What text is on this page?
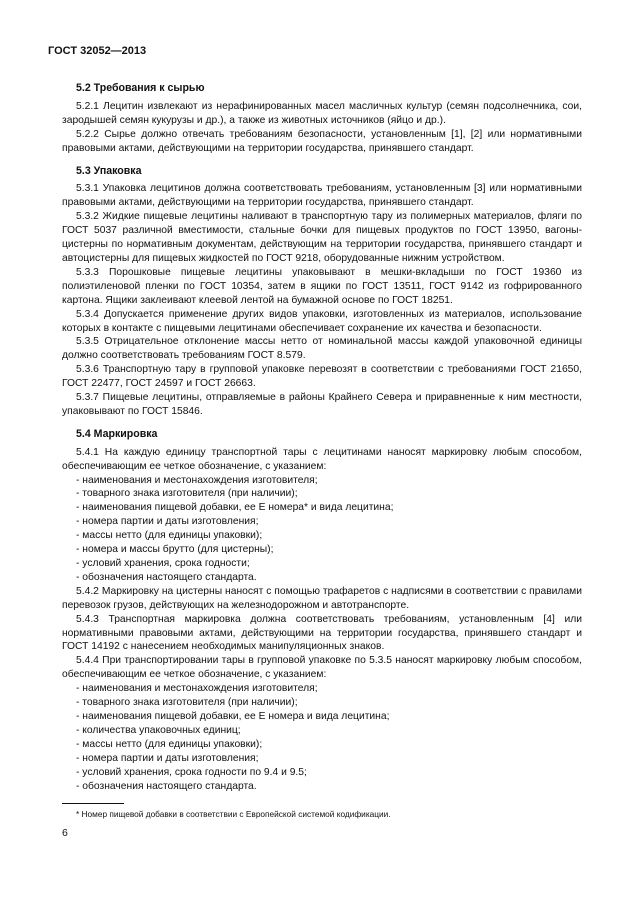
ГОСТ 32052—2013
5.2 Требования к сырью

5.2.1 Лецитин извлекают из нерафинированных масел масличных культур (семян подсолнечника, сои, зародышей семян кукурузы и др.), а также из животных источников (яйцо и др.).

5.2.2 Сырье должно отвечать требованиям безопасности, установленным [1], [2] или нормативными правовыми актами, действующими на территории государства, принявшего стандарт.

5.3 Упаковка

5.3.1 Упаковка лецитинов должна соответствовать требованиям, установленным [3] или нормативными правовыми актами, действующими на территории государства, принявшего стандарт.

5.3.2 Жидкие пищевые лецитины наливают в транспортную тару из полимерных материалов, фляги по ГОСТ 5037 различной вместимости, стальные бочки для пищевых продуктов по ГОСТ 13950, вагоны-цистерны по нормативным документам, действующим на территории государства, принявшего стандарт и автоцистерны для пищевых жидкостей по ГОСТ 9218, оборудованные нижним устройством.

5.3.3 Порошковые пищевые лецитины упаковывают в мешки-вкладыши по ГОСТ 19360 из полиэтиленовой пленки по ГОСТ 10354, затем в ящики по ГОСТ 13511, ГОСТ 9142 из гофрированного картона. Ящики заклеивают клеевой лентой на бумажной основе по ГОСТ 18251.

5.3.4 Допускается применение других видов упаковки, изготовленных из материалов, использование которых в контакте с пищевыми лецитинами обеспечивает сохранение их качества и безопасности.

5.3.5 Отрицательное отклонение массы нетто от номинальной массы каждой упаковочной единицы должно соответствовать требованиям ГОСТ 8.579.

5.3.6 Транспортную тару в групповой упаковке перевозят в соответствии с требованиями ГОСТ 21650, ГОСТ 22477, ГОСТ 24597 и ГОСТ 26663.

5.3.7 Пищевые лецитины, отправляемые в районы Крайнего Севера и приравненные к ним местности, упаковывают по ГОСТ 15846.

5.4 Маркировка

5.4.1 На каждую единицу транспортной тары с лецитинами наносят маркировку любым способом, обеспечивающим ее четкое обозначение, с указанием:

- наименования и местонахождения изготовителя;
- товарного знака изготовителя (при наличии);
- наименования пищевой добавки, ее Е номера* и вида лецитина;
- номера партии и даты изготовления;
- массы нетто (для единицы упаковки);
- номера и массы брутто (для цистерны);
- условий хранения, срока годности;
- обозначения настоящего стандарта.

5.4.2 Маркировку на цистерны наносят с помощью трафаретов с надписями в соответствии с правилами перевозок грузов, действующих на железнодорожном и автотранспорте.

5.4.3 Транспортная маркировка должна соответствовать требованиям, установленным [4] или нормативными правовыми актами, действующими на территории государства, принявшего стандарт и ГОСТ 14192 с нанесением необходимых манипуляционных знаков.

5.4.4 При транспортировании тары в групповой упаковке по 5.3.5 наносят маркировку любым способом, обеспечивающим ее четкое обозначение, с указанием:

- наименования и местонахождения изготовителя;
- товарного знака изготовителя (при наличии);
- наименования пищевой добавки, ее Е номера и вида лецитина;
- количества упаковочных единиц;
- массы нетто (для единицы упаковки);
- номера партии и даты изготовления;
- условий хранения, срока годности по 9.4 и 9.5;
- обозначения настоящего стандарта.
* Номер пищевой добавки в соответствии с Европейской системой кодификации.
6
